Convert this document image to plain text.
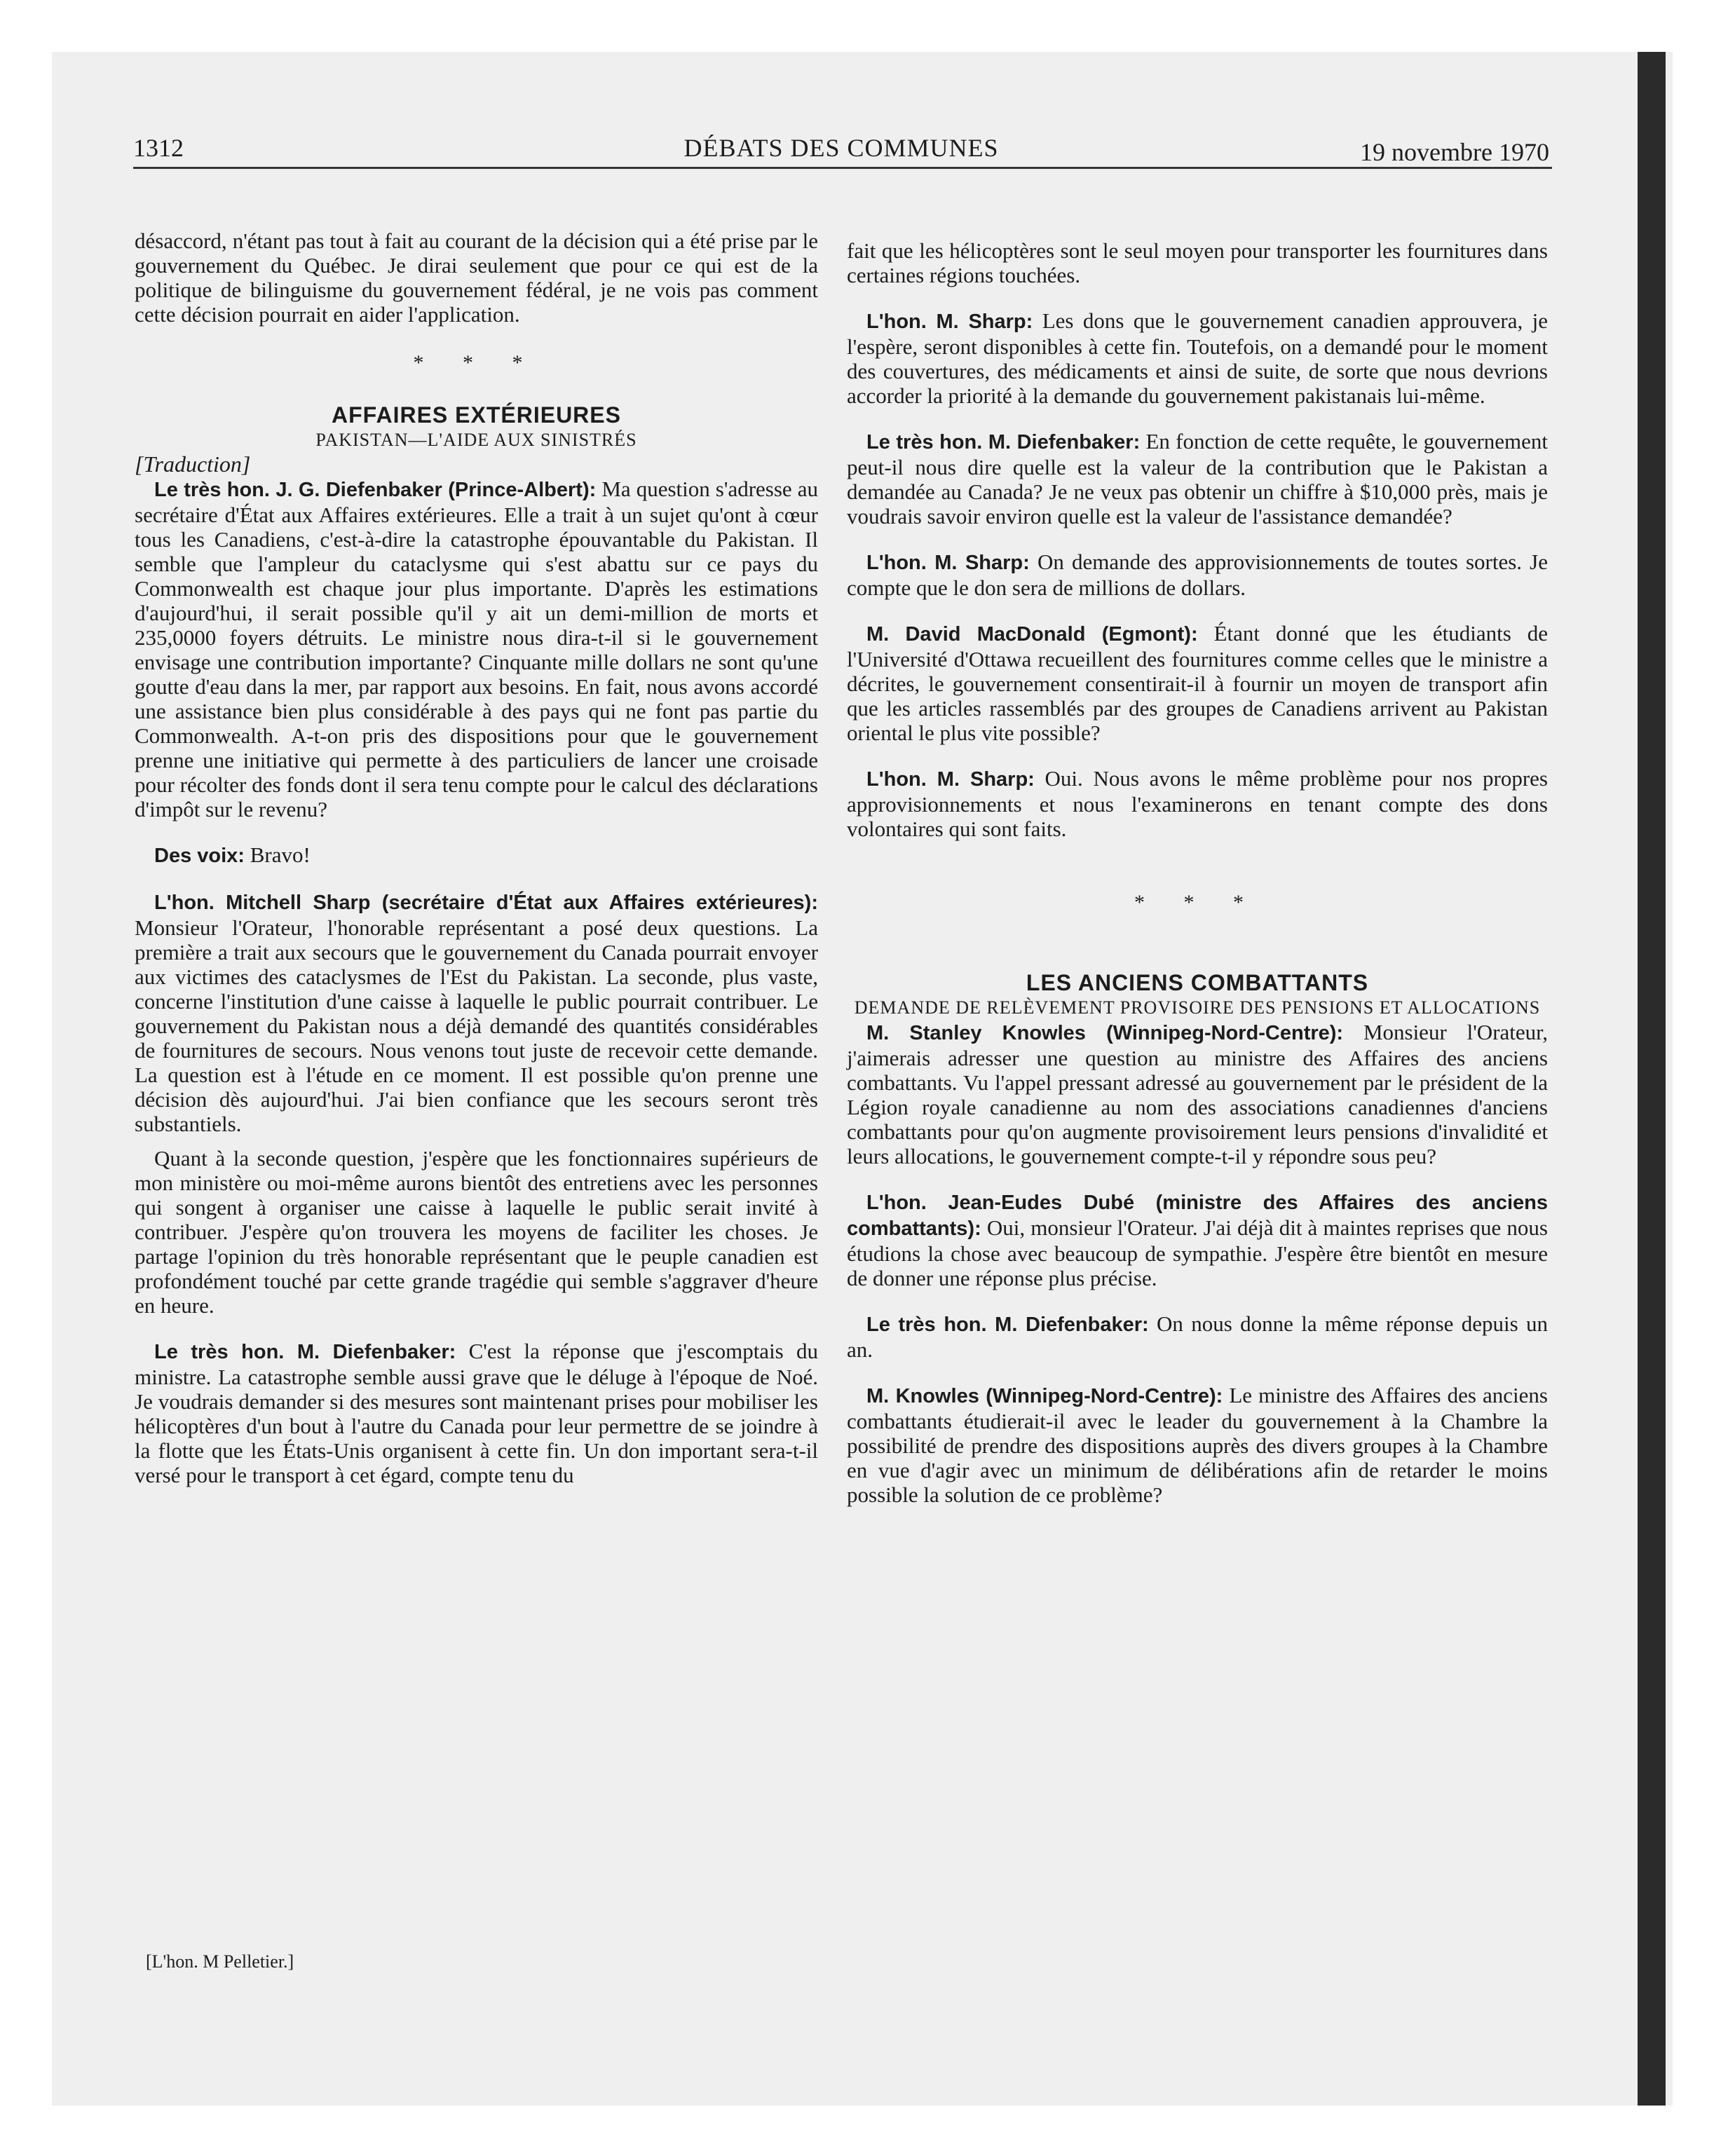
1312	DÉBATS DES COMMUNES	19 novembre 1970

désaccord, n'étant pas tout à fait au courant de la décision qui a été prise par le gouvernement du Québec. Je dirai seulement que pour ce qui est de la politique de bilinguisme du gouvernement fédéral, je ne vois pas comment cette décision pourrait en aider l'application.

* * *
AFFAIRES EXTÉRIEURES

PAKISTAN—L'AIDE AUX SINISTRÉS

[Traduction]

Le très hon. J. G. Diefenbaker (Prince-Albert): Ma question s'adresse au secrétaire d'État aux Affaires extérieures. Elle a trait à un sujet qu'ont à cœur tous les Canadiens, c'est-à-dire la catastrophe épouvantable du Pakistan. Il semble que l'ampleur du cataclysme qui s'est abattu sur ce pays du Commonwealth est chaque jour plus importante. D'après les estimations d'aujourd'hui, il serait possible qu'il y ait un demi-million de morts et 235,0000 foyers détruits. Le ministre nous dira-t-il si le gouvernement envisage une contribution importante? Cinquante mille dollars ne sont qu'une goutte d'eau dans la mer, par rapport aux besoins. En fait, nous avons accordé une assistance bien plus considérable à des pays qui ne font pas partie du Commonwealth. A-t-on pris des dispositions pour que le gouvernement prenne une initiative qui permette à des particuliers de lancer une croisade pour récolter des fonds dont il sera tenu compte pour le calcul des déclarations d'impôt sur le revenu?

Des voix: Bravo!

L'hon. Mitchell Sharp (secrétaire d'État aux Affaires extérieures): Monsieur l'Orateur, l'honorable représentant a posé deux questions. La première a trait aux secours que le gouvernement du Canada pourrait envoyer aux victimes des cataclysmes de l'Est du Pakistan. La seconde, plus vaste, concerne l'institution d'une caisse à laquelle le public pourrait contribuer. Le gouvernement du Pakistan nous a déjà demandé des quantités considérables de fournitures de secours. Nous venons tout juste de recevoir cette demande. La question est à l'étude en ce moment. Il est possible qu'on prenne une décision dès aujourd'hui. J'ai bien confiance que les secours seront très substantiels.

Quant à la seconde question, j'espère que les fonctionnaires supérieurs de mon ministère ou moi-même aurons bientôt des entretiens avec les personnes qui songent à organiser une caisse à laquelle le public serait invité à contribuer. J'espère qu'on trouvera les moyens de faciliter les choses. Je partage l'opinion du très honorable représentant que le peuple canadien est profondément touché par cette grande tragédie qui semble s'aggraver d'heure en heure.

Le très hon. M. Diefenbaker: C'est la réponse que j'escomptais du ministre. La catastrophe semble aussi grave que le déluge à l'époque de Noé. Je voudrais demander si des mesures sont maintenant prises pour mobiliser les hélicoptères d'un bout à l'autre du Canada pour leur permettre de se joindre à la flotte que les États-Unis organisent à cette fin. Un don important sera-t-il versé pour le transport à cet égard, compte tenu du

fait que les hélicoptères sont le seul moyen pour transporter les fournitures dans certaines régions touchées.

L'hon. M. Sharp: Les dons que le gouvernement canadien approuvera, je l'espère, seront disponibles à cette fin. Toutefois, on a demandé pour le moment des couvertures, des médicaments et ainsi de suite, de sorte que nous devrions accorder la priorité à la demande du gouvernement pakistanais lui-même.

Le très hon. M. Diefenbaker: En fonction de cette requête, le gouvernement peut-il nous dire quelle est la valeur de la contribution que le Pakistan a demandée au Canada? Je ne veux pas obtenir un chiffre à $10,000 près, mais je voudrais savoir environ quelle est la valeur de l'assistance demandée?

L'hon. M. Sharp: On demande des approvisionnements de toutes sortes. Je compte que le don sera de millions de dollars.

M. David MacDonald (Egmont): Étant donné que les étudiants de l'Université d'Ottawa recueillent des fournitures comme celles que le ministre a décrites, le gouvernement consentirait-il à fournir un moyen de transport afin que les articles rassemblés par des groupes de Canadiens arrivent au Pakistan oriental le plus vite possible?

L'hon. M. Sharp: Oui. Nous avons le même problème pour nos propres approvisionnements et nous l'examinerons en tenant compte des dons volontaires qui sont faits.

* * *
LES ANCIENS COMBATTANTS

DEMANDE DE RELÈVEMENT PROVISOIRE DES PENSIONS ET ALLOCATIONS

M. Stanley Knowles (Winnipeg-Nord-Centre): Monsieur l'Orateur, j'aimerais adresser une question au ministre des Affaires des anciens combattants. Vu l'appel pressant adressé au gouvernement par le président de la Légion royale canadienne au nom des associations canadiennes d'anciens combattants pour qu'on augmente provisoirement leurs pensions d'invalidité et leurs allocations, le gouvernement compte-t-il y répondre sous peu?

L'hon. Jean-Eudes Dubé (ministre des Affaires des anciens combattants): Oui, monsieur l'Orateur. J'ai déjà dit à maintes reprises que nous étudions la chose avec beaucoup de sympathie. J'espère être bientôt en mesure de donner une réponse plus précise.

Le très hon. M. Diefenbaker: On nous donne la même réponse depuis un an.

M. Knowles (Winnipeg-Nord-Centre): Le ministre des Affaires des anciens combattants étudierait-il avec le leader du gouvernement à la Chambre la possibilité de prendre des dispositions auprès des divers groupes à la Chambre en vue d'agir avec un minimum de délibérations afin de retarder le moins possible la solution de ce problème?

[L'hon. M Pelletier.]
